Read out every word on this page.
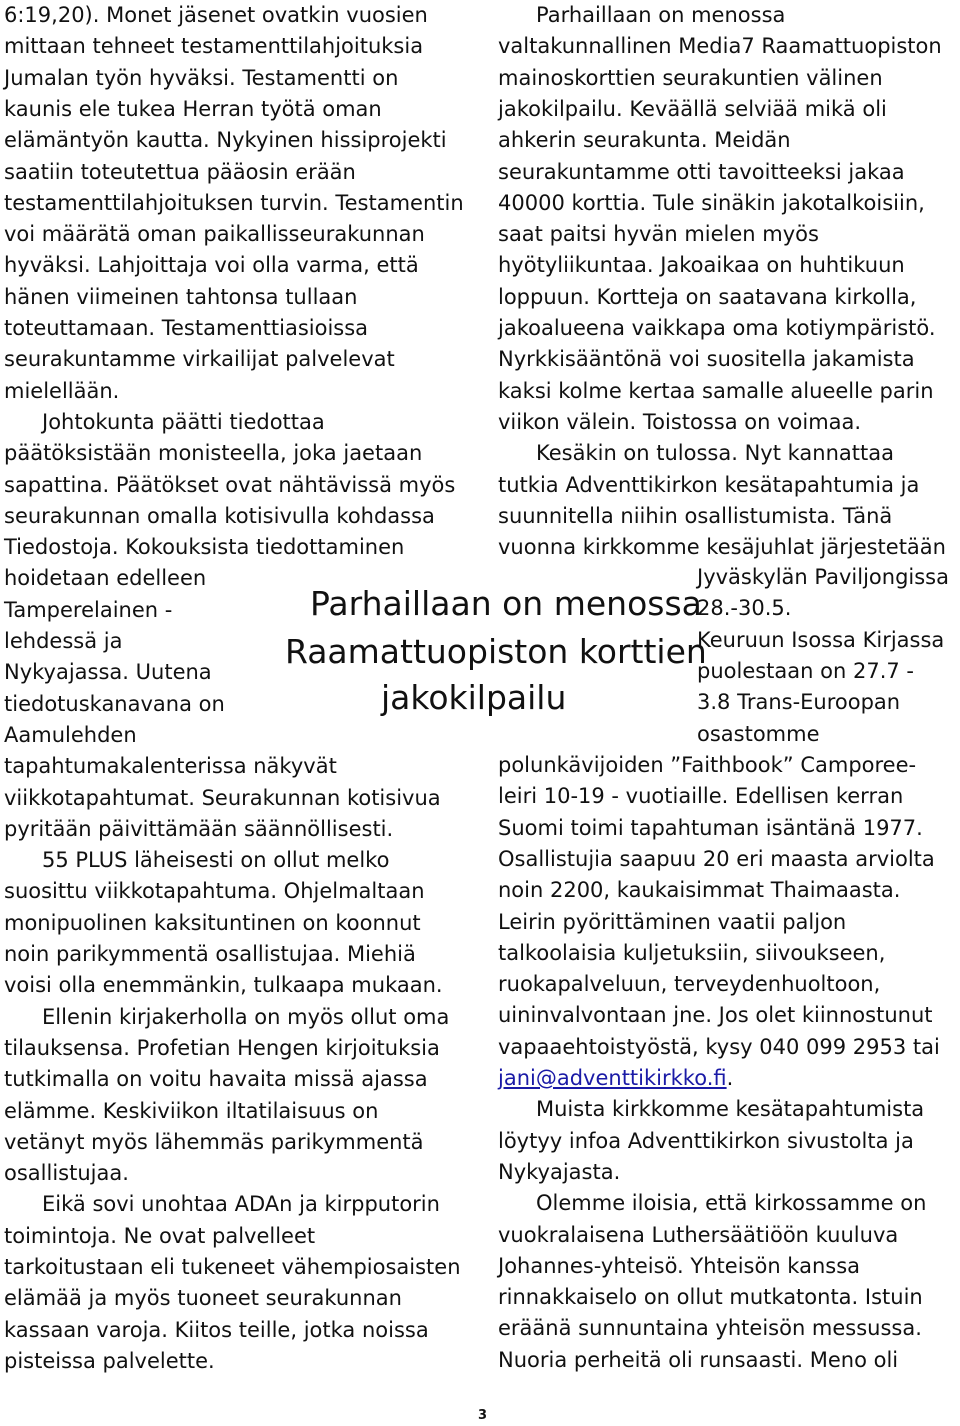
6:19,20). Monet jäsenet ovatkin vuosien
mittaan tehneet testamenttilahjoituksia
Jumalan työn hyväksi. Testamentti on
kaunis ele tukea Herran työtä oman
elämäntyön kautta. Nykyinen hissiprojekti
saatiin toteutettua pääosin erään
testamenttilahjoituksen turvin. Testamentin
voi määrätä oman paikallisseurakunnan
hyväksi. Lahjoittaja voi olla varma, että
hänen viimeinen tahtonsa tullaan
toteuttamaan. Testamenttiasioissa
seurakuntamme virkailijat palvelevat
mielellään.
Johtokunta päätti tiedottaa
päätöksistään monisteella, joka jaetaan
sapattina. Päätökset ovat nähtävissä myös
seurakunnan omalla kotisivulla kohdassa
Tiedostoja. Kokouksista tiedottaminen
hoidetaan edelleen
Tamperelainen -
lehdessä ja
Nykyajassa. Uutena
tiedotuskanavana on
Aamulehden
tapahtumakalenterissa näkyvät
viikkotapahtumat. Seurakunnan kotisivua
pyritään päivittämään säännöllisesti.
55 PLUS läheisesti on ollut melko
suosittu viikkotapahtuma. Ohjelmaltaan
monipuolinen kaksituntinen on koonnut
noin parikymmentä osallistujaa. Miehiä
voisi olla enemmänkin, tulkaapa mukaan.
Ellenin kirjakerholla on myös ollut oma
tilauksensa. Profetian Hengen kirjoituksia
tutkimalla on voitu havaita missä ajassa
elämme. Keskiviikon iltatilaisuus on
vetänyt myös lähemmäs parikymmentä
osallistujaa.
Eikä sovi unohtaa ADAn ja kirpputorin
toimintoja. Ne ovat palvelleet
tarkoitustaan eli tukeneet vähempiosaisten
elämää ja myös tuoneet seurakunnan
kassaan varoja. Kiitos teille, jotka noissa
pisteissa palvelette.
Parhaillaan on menossa
valtakunnallinen Media7 Raamattuopiston
mainoskorttien seurakuntien välinen
jakokilpailu. Keväällä selviää mikä oli
ahkerin seurakunta. Meidän
seurakuntamme otti tavoitteeksi jakaa
40000 korttia. Tule sinäkin jakotalkoisiin,
saat paitsi hyvän mielen myös
hyötyliikuntaa. Jakoaikaa on huhtikuun
loppuun. Kortteja on saatavana kirkolla,
jakoalueena vaikkapa oma kotiympäristö.
Nyrkkisääntönä voi suositella jakamista
kaksi kolme kertaa samalle alueelle parin
viikon välein. Toistossa on voimaa.
Kesäkin on tulossa. Nyt kannattaa
tutkia Adventtikirkon kesätapahtumia ja
suunnitella niihin osallistumista. Tänä
vuonna kirkkomme kesäjuhlat järjestetään
Jyväskylän Paviljongissa
28.-30.5.
Keuruun Isossa Kirjassa
puolestaan on 27.7 -
3.8 Trans-Euroopan
osastomme
polunkävijoiden ”Faithbook” Camporee-
leiri 10-19 - vuotiaille. Edellisen kerran
Suomi toimi tapahtuman isäntänä 1977.
Osallistujia saapuu 20 eri maasta arviolta
noin 2200, kaukaisimmat Thaimaasta.
Leirin pyörittäminen vaatii paljon
talkoolaisia kuljetuksiin, siivoukseen,
ruokapalveluun, terveydenhuoltoon,
uininvalvontaan jne. Jos olet kiinnostunut
vapaaehtoistyöstä, kysy 040 099 2953 tai
jani@adventtikirkko.fi.
Muista kirkkomme kesätapahtumista
löytyy infoa Adventtikirkon sivustolta ja
Nykyajasta.
Olemme iloisia, että kirkossamme on
vuokralaisena Luthersäätiöön kuuluva
Johannes-yhteisö. Yhteisön kanssa
rinnakkaiselo on ollut mutkatonta. Istuin
eräänä sunnuntaina yhteisön messussa.
Nuoria perheitä oli runsaasti. Meno oli
Parhaillaan on menossa
Raamattuopiston korttien
jakokilpailu
3
